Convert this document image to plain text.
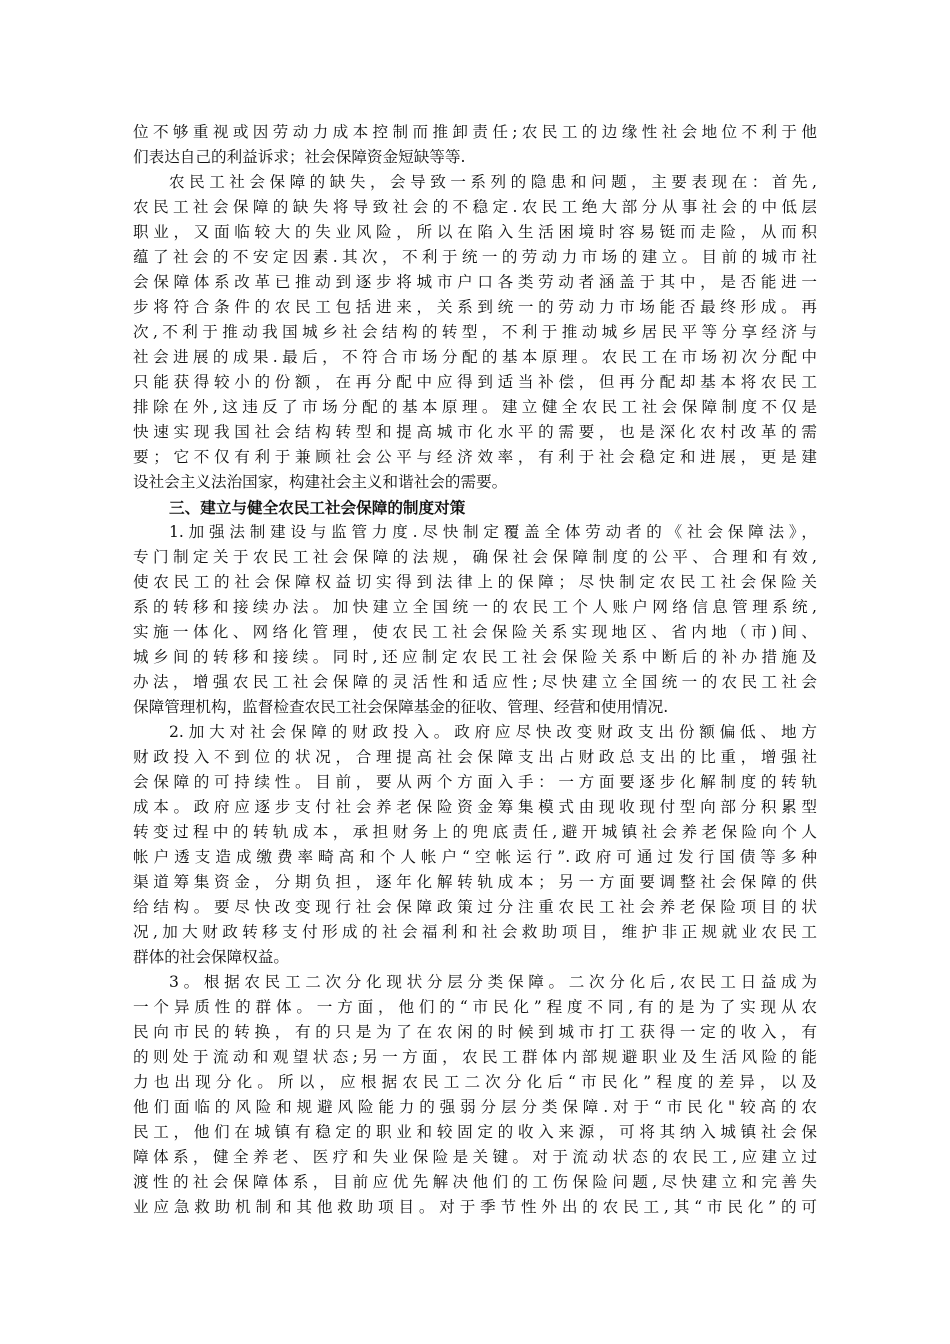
位不够重视或因劳动力成本控制而推卸责任;农民工的边缘性社会地位不利于他
们表达自己的利益诉求；社会保障资金短缺等等.
农民工社会保障的缺失，会导致一系列的隐患和问题，主要表现在：首先,
农民工社会保障的缺失将导致社会的不稳定.农民工绝大部分从事社会的中低层
职业，又面临较大的失业风险，所以在陷入生活困境时容易铤而走险，从而积
蕴了社会的不安定因素.其次，不利于统一的劳动力市场的建立。目前的城市社
会保障体系改革已推动到逐步将城市户口各类劳动者涵盖于其中，是否能进一
步将符合条件的农民工包括进来，关系到统一的劳动力市场能否最终形成。再
次,不利于推动我国城乡社会结构的转型，不利于推动城乡居民平等分享经济与
社会进展的成果.最后，不符合市场分配的基本原理。农民工在市场初次分配中
只能获得较小的份额，在再分配中应得到适当补偿，但再分配却基本将农民工
排除在外,这违反了市场分配的基本原理。建立健全农民工社会保障制度不仅是
快速实现我国社会结构转型和提高城市化水平的需要，也是深化农村改革的需
要；它不仅有利于兼顾社会公平与经济效率，有利于社会稳定和进展，更是建
设社会主义法治国家，构建社会主义和谐社会的需要。
三、建立与健全农民工社会保障的制度对策
1.加强法制建设与监管力度.尽快制定覆盖全体劳动者的《社会保障法》，
专门制定关于农民工社会保障的法规，确保社会保障制度的公平、合理和有效,
使农民工的社会保障权益切实得到法律上的保障；尽快制定农民工社会保险关
系的转移和接续办法。加快建立全国统一的农民工个人账户网络信息管理系统,
实施一体化、网络化管理，使农民工社会保险关系实现地区、省内地（市)间、
城乡间的转移和接续。同时,还应制定农民工社会保险关系中断后的补办措施及
办法，增强农民工社会保障的灵活性和适应性;尽快建立全国统一的农民工社会
保障管理机构，监督检查农民工社会保障基金的征收、管理、经营和使用情况.
2.加大对社会保障的财政投入。政府应尽快改变财政支出份额偏低、地方
财政投入不到位的状况，合理提高社会保障支出占财政总支出的比重，增强社
会保障的可持续性。目前，要从两个方面入手：一方面要逐步化解制度的转轨
成本。政府应逐步支付社会养老保险资金筹集模式由现收现付型向部分积累型
转变过程中的转轨成本，承担财务上的兜底责任,避开城镇社会养老保险向个人
帐户透支造成缴费率畸高和个人帐户“空帐运行”.政府可通过发行国债等多种
渠道筹集资金，分期负担，逐年化解转轨成本；另一方面要调整社会保障的供
给结构。要尽快改变现行社会保障政策过分注重农民工社会养老保险项目的状
况,加大财政转移支付形成的社会福利和社会救助项目，维护非正规就业农民工
群体的社会保障权益。
3。根据农民工二次分化现状分层分类保障。二次分化后,农民工日益成为
一个异质性的群体。一方面，他们的“市民化”程度不同,有的是为了实现从农
民向市民的转换，有的只是为了在农闲的时候到城市打工获得一定的收入，有
的则处于流动和观望状态;另一方面，农民工群体内部规避职业及生活风险的能
力也出现分化。所以，应根据农民工二次分化后“市民化”程度的差异，以及
他们面临的风险和规避风险能力的强弱分层分类保障.对于“市民化"较高的农
民工，他们在城镇有稳定的职业和较固定的收入来源，可将其纳入城镇社会保
障体系，健全养老、医疗和失业保险是关键。对于流动状态的农民工,应建立过
渡性的社会保障体系，目前应优先解决他们的工伤保险问题,尽快建立和完善失
业应急救助机制和其他救助项目。对于季节性外出的农民工,其“市民化”的可
